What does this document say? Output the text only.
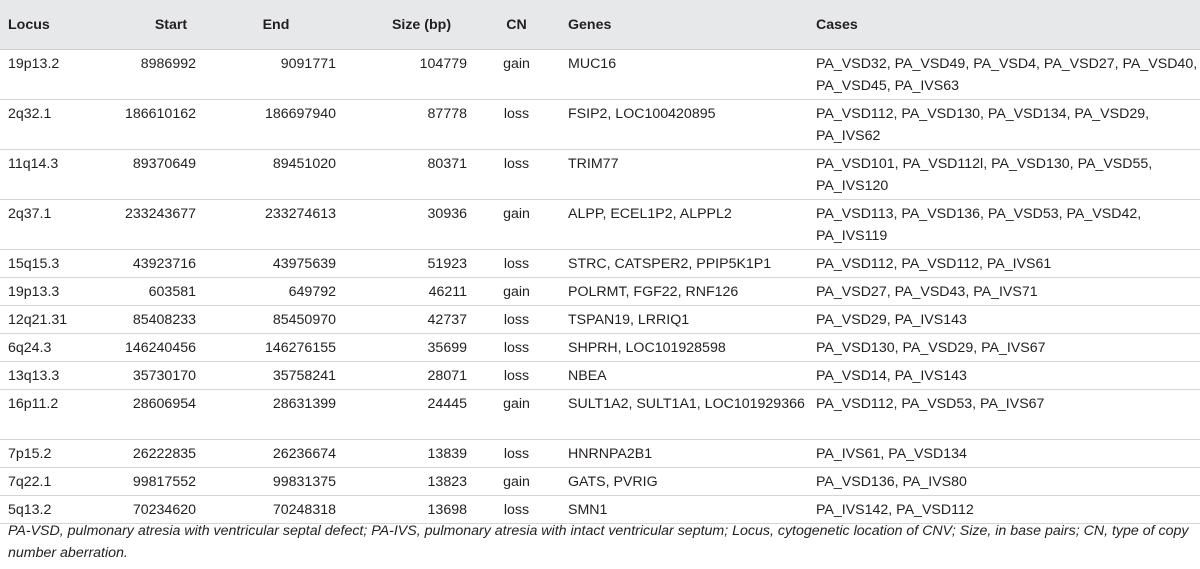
Locus	Start	End	Size (bp)	CN	Genes	Cases
19p13.2	8986992	9091771	104779	gain	MUC16	PA_VSD32, PA_VSD49, PA_VSD4, PA_VSD27, PA_VSD40, PA_VSD45, PA_IVS63
2q32.1	186610162	186697940	87778	loss	FSIP2, LOC100420895	PA_VSD112, PA_VSD130, PA_VSD134, PA_VSD29, PA_IVS62
11q14.3	89370649	89451020	80371	loss	TRIM77	PA_VSD101, PA_VSD112l, PA_VSD130, PA_VSD55, PA_IVS120
2q37.1	233243677	233274613	30936	gain	ALPP, ECEL1P2, ALPPL2	PA_VSD113, PA_VSD136, PA_VSD53, PA_VSD42, PA_IVS119
15q15.3	43923716	43975639	51923	loss	STRC, CATSPER2, PPIP5K1P1	PA_VSD112, PA_VSD112, PA_IVS61
19p13.3	603581	649792	46211	gain	POLRMT, FGF22, RNF126	PA_VSD27, PA_VSD43, PA_IVS71
12q21.31	85408233	85450970	42737	loss	TSPAN19, LRRIQ1	PA_VSD29, PA_IVS143
6q24.3	146240456	146276155	35699	loss	SHPRH, LOC101928598	PA_VSD130, PA_VSD29, PA_IVS67
13q13.3	35730170	35758241	28071	loss	NBEA	PA_VSD14, PA_IVS143
16p11.2	28606954	28631399	24445	gain	SULT1A2, SULT1A1, LOC101929366	PA_VSD112, PA_VSD53, PA_IVS67
7p15.2	26222835	26236674	13839	loss	HNRNPA2B1	PA_IVS61, PA_VSD134
7q22.1	99817552	99831375	13823	gain	GATS, PVRIG	PA_VSD136, PA_IVS80
5q13.2	70234620	70248318	13698	loss	SMN1	PA_IVS142, PA_VSD112
PA-VSD, pulmonary atresia with ventricular septal defect; PA-IVS, pulmonary atresia with intact ventricular septum; Locus, cytogenetic location of CNV; Size, in base pairs; CN, type of copy number aberration.
